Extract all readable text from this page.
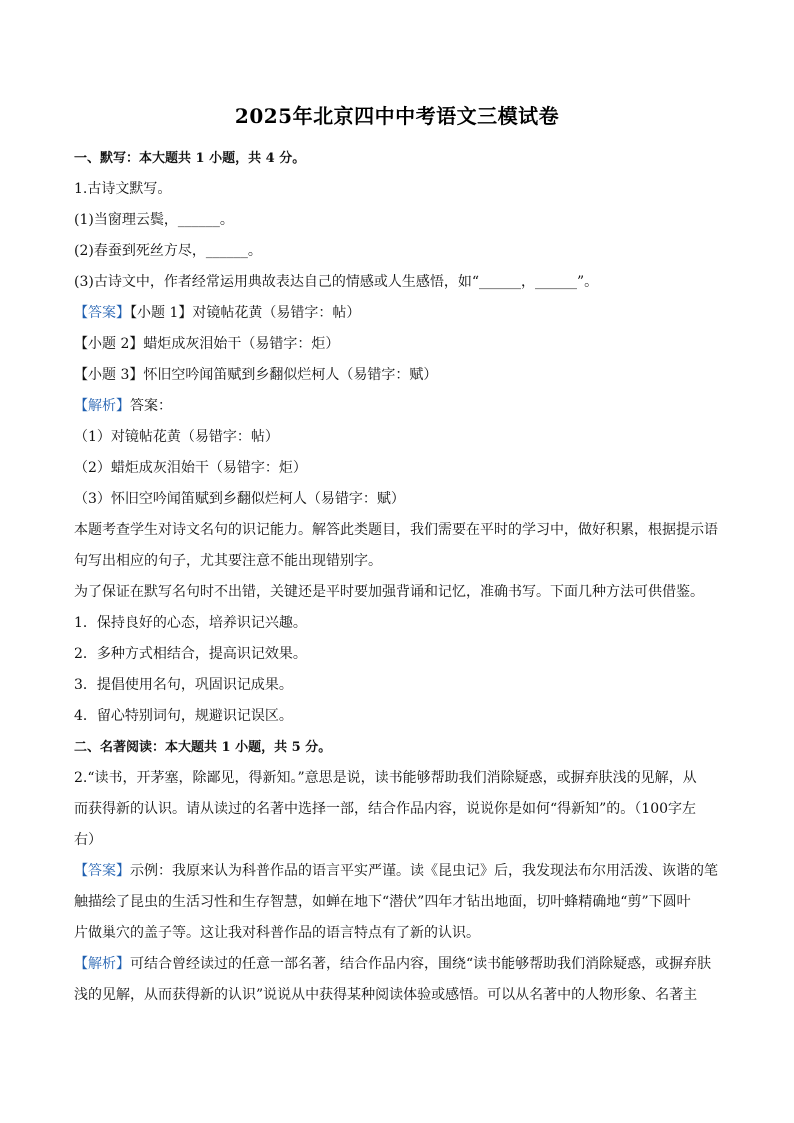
2025年北京四中中考语文三模试卷
一、默写：本大题共 1 小题，共 4 分。
1.古诗文默写。
(1)当窗理云鬓，______。
(2)春蚕到死丝方尽，______。
(3)古诗文中，作者经常运用典故表达自己的情感或人生感悟，如“______，______”。
【答案】【小题 1】对镜帖花黄（易错字：帖）
【小题 2】蜡炬成灰泪始干（易错字：炬）
【小题 3】怀旧空吟闻笛赋到乡翻似烂柯人（易错字：赋）
【解析】答案：
（1）对镜帖花黄（易错字：帖）
（2）蜡炬成灰泪始干（易错字：炬）
（3）怀旧空吟闻笛赋到乡翻似烂柯人（易错字：赋）
本题考查学生对诗文名句的识记能力。解答此类题目，我们需要在平时的学习中，做好积累，根据提示语
句写出相应的句子，尤其要注意不能出现错别字。
为了保证在默写名句时不出错，关键还是平时要加强背诵和记忆，准确书写。下面几种方法可供借鉴。
1．保持良好的心态，培养识记兴趣。
2．多种方式相结合，提高识记效果。
3．提倡使用名句，巩固识记成果。
4．留心特别词句，规避识记误区。
二、名著阅读：本大题共 1 小题，共 5 分。
2.“读书，开茅塞，除鄙见，得新知。”意思是说，读书能够帮助我们消除疑惑，或摒弃肤浅的见解，从
而获得新的认识。请从读过的名著中选择一部，结合作品内容，说说你是如何“得新知”的。（100字左
右）
【答案】示例：我原来认为科普作品的语言平实严谨。读《昆虫记》后，我发现法布尔用活泼、诙谐的笔
触描绘了昆虫的生活习性和生存智慧，如蝉在地下“潜伏”四年才钻出地面，切叶蜂精确地“剪”下圆叶
片做巢穴的盖子等。这让我对科普作品的语言特点有了新的认识。
【解析】可结合曾经读过的任意一部名著，结合作品内容，围绕“读书能够帮助我们消除疑惑，或摒弃肤
浅的见解，从而获得新的认识”说说从中获得某种阅读体验或感悟。可以从名著中的人物形象、名著主
